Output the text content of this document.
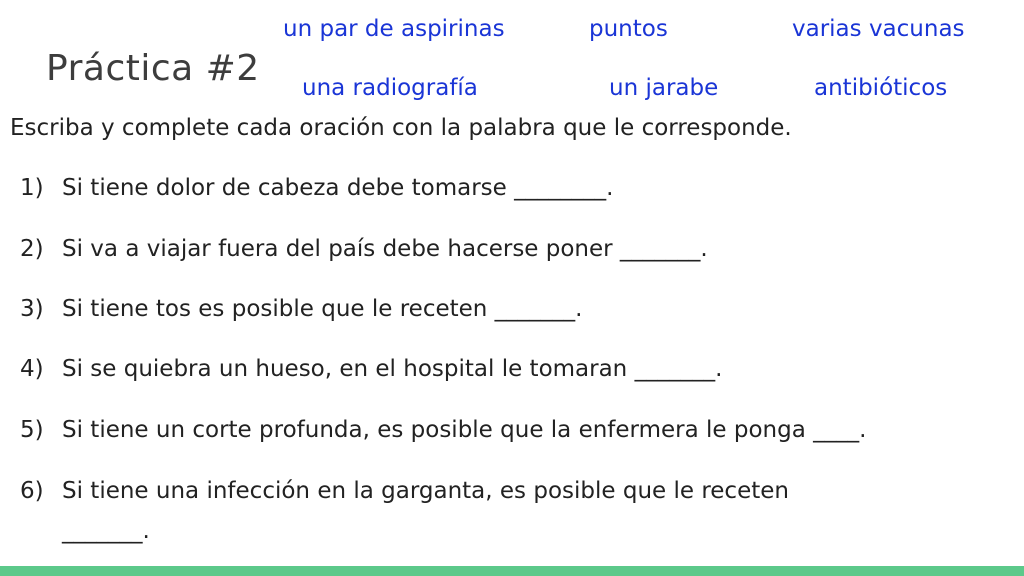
Práctica #2
un par de aspirinas	puntos	varias vacunas
una radiografía	un jarabe	antibióticos
Escriba y complete cada oración con la palabra que le corresponde.
1) Si tiene dolor de cabeza debe tomarse ________.
2) Si va a viajar fuera del país debe hacerse poner _______.
3) Si tiene tos es posible que le receten _______.
4) Si se quiebra un hueso, en el hospital le tomaran _______.
5) Si tiene un corte profunda, es posible que la enfermera le ponga ____.
6) Si tiene una infección en la garganta, es posible que le receten
_______.
